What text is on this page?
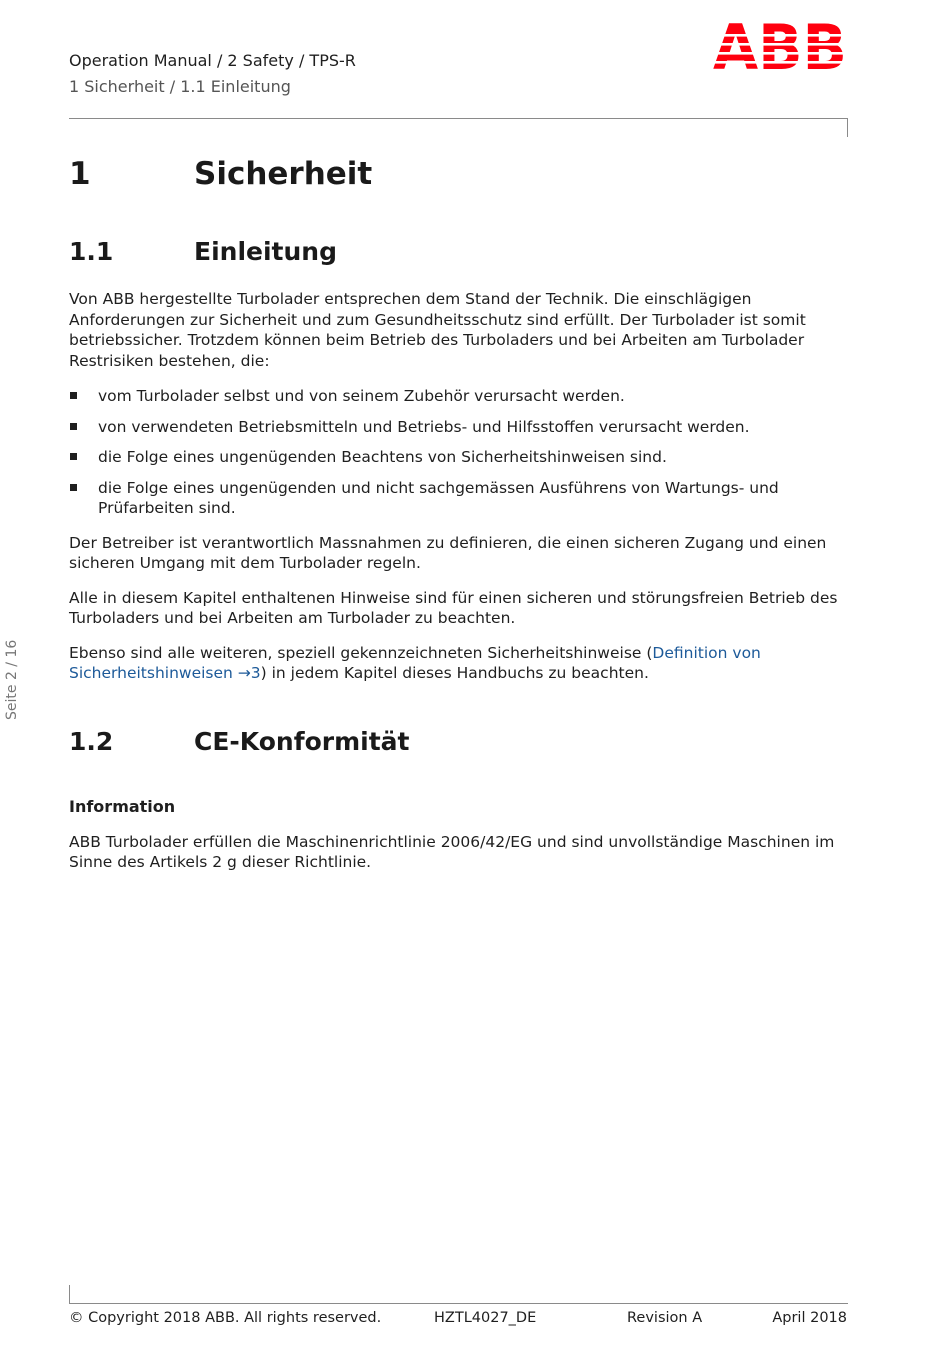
Operation Manual / 2 Safety / TPS-R
1 Sicherheit / 1.1 Einleitung
1	Sicherheit
1.1	Einleitung

Von ABB hergestellte Turbolader entsprechen dem Stand der Technik. Die einschlägigen Anforderungen zur Sicherheit und zum Gesundheitsschutz sind erfüllt. Der Turbolader ist somit betriebssicher. Trotzdem können beim Betrieb des Turboladers und bei Arbeiten am Turbolader Restrisiken bestehen, die:

vom Turbolader selbst und von seinem Zubehör verursacht werden.
von verwendeten Betriebsmitteln und Betriebs- und Hilfsstoffen verursacht werden.
die Folge eines ungenügenden Beachtens von Sicherheitshinweisen sind.
die Folge eines ungenügenden und nicht sachgemässen Ausführens von Wartungs- und Prüfarbeiten sind.

Der Betreiber ist verantwortlich Massnahmen zu definieren, die einen sicheren Zugang und einen sicheren Umgang mit dem Turbolader regeln.

Alle in diesem Kapitel enthaltenen Hinweise sind für einen sicheren und störungsfreien Betrieb des Turboladers und bei Arbeiten am Turbolader zu beachten.

Ebenso sind alle weiteren, speziell gekennzeichneten Sicherheitshinweise (Definition von Sicherheitshinweisen →3) in jedem Kapitel dieses Handbuchs zu beachten.

1.2	CE-Konformität

Information

ABB Turbolader erfüllen die Maschinenrichtlinie 2006/42/EG und sind unvollständige Maschinen im Sinne des Artikels 2 g dieser Richtlinie.

Seite 2 / 16
© Copyright 2018 ABB. All rights reserved.	HZTL4027_DE	Revision A	April 2018
